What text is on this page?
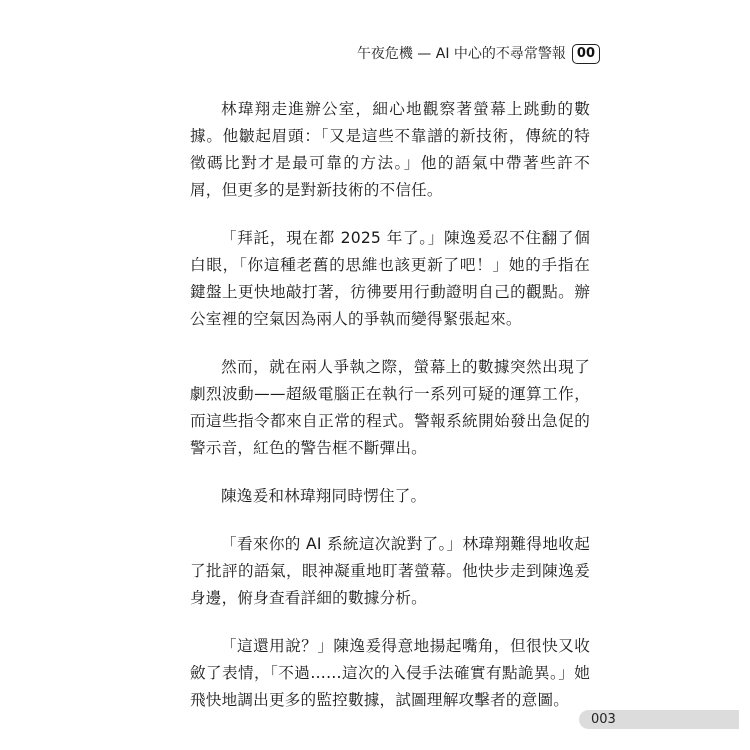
午夜危機 — AI 中心的不尋常警報 00

林瑋翔走進辦公室，細心地觀察著螢幕上跳動的數據。他皺起眉頭：「又是這些不靠譜的新技術，傳統的特徵碼比對才是最可靠的方法。」他的語氣中帶著些許不屑，但更多的是對新技術的不信任。

「拜託，現在都 2025 年了。」陳逸爰忍不住翻了個白眼，「你這種老舊的思維也該更新了吧！」她的手指在鍵盤上更快地敲打著，彷彿要用行動證明自己的觀點。辦公室裡的空氣因為兩人的爭執而變得緊張起來。

然而，就在兩人爭執之際，螢幕上的數據突然出現了劇烈波動——超級電腦正在執行一系列可疑的運算工作，而這些指令都來自正常的程式。警報系統開始發出急促的警示音，紅色的警告框不斷彈出。

陳逸爰和林瑋翔同時愣住了。

「看來你的 AI 系統這次說對了。」林瑋翔難得地收起了批評的語氣，眼神凝重地盯著螢幕。他快步走到陳逸爰身邊，俯身查看詳細的數據分析。

「這還用說？」陳逸爰得意地揚起嘴角，但很快又收斂了表情，「不過……這次的入侵手法確實有點詭異。」她飛快地調出更多的監控數據，試圖理解攻擊者的意圖。

003
